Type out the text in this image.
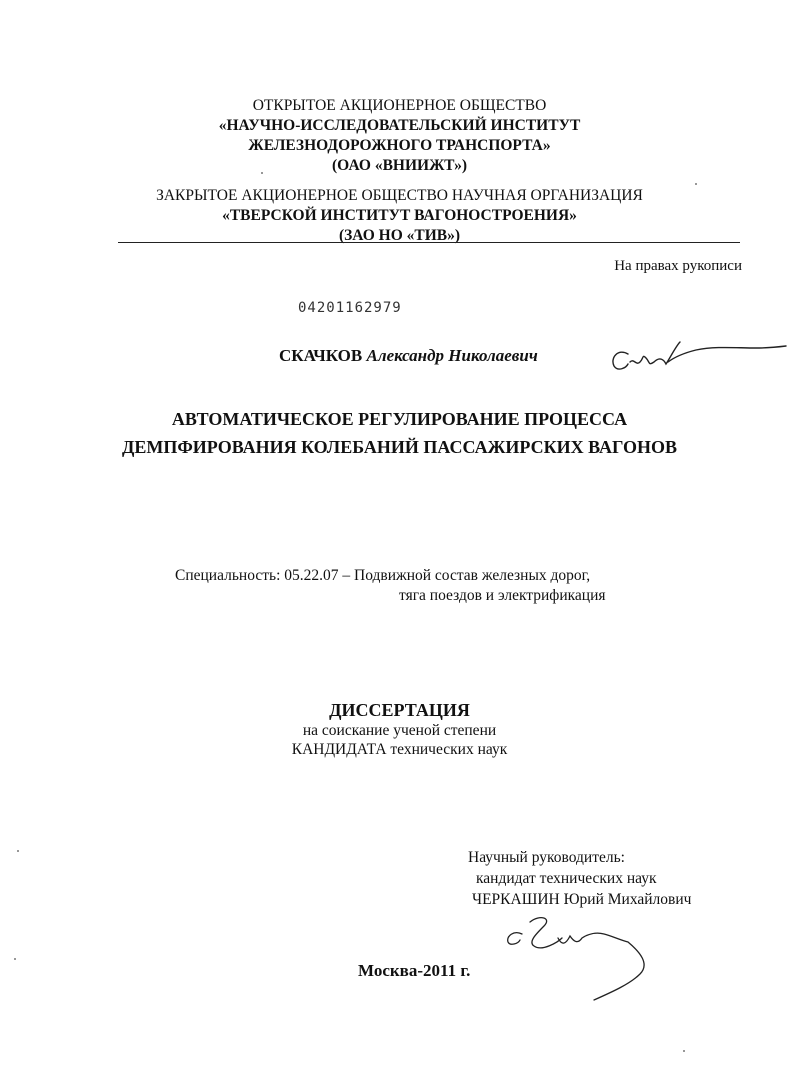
ОТКРЫТОЕ АКЦИОНЕРНОЕ ОБЩЕСТВО
«НАУЧНО-ИССЛЕДОВАТЕЛЬСКИЙ ИНСТИТУТ
ЖЕЛЕЗНОДОРОЖНОГО ТРАНСПОРТА»
(ОАО «ВНИИЖТ»)
ЗАКРЫТОЕ АКЦИОНЕРНОЕ ОБЩЕСТВО НАУЧНАЯ ОРГАНИЗАЦИЯ
«ТВЕРСКОЙ ИНСТИТУТ ВАГОНОСТРОЕНИЯ»
(ЗАО НО «ТИВ»)
На правах рукописи
04201162979
СКАЧКОВ Александр Николаевич
АВТОМАТИЧЕСКОЕ РЕГУЛИРОВАНИЕ ПРОЦЕССА
ДЕМПФИРОВАНИЯ КОЛЕБАНИЙ ПАССАЖИРСКИХ ВАГОНОВ
Специальность: 05.22.07 – Подвижной состав железных дорог,
тяга поездов и электрификация
ДИССЕРТАЦИЯ
на соискание ученой степени
КАНДИДАТА технических наук
Научный руководитель:
кандидат технических наук
ЧЕРКАШИН Юрий Михайлович
Москва-2011 г.
